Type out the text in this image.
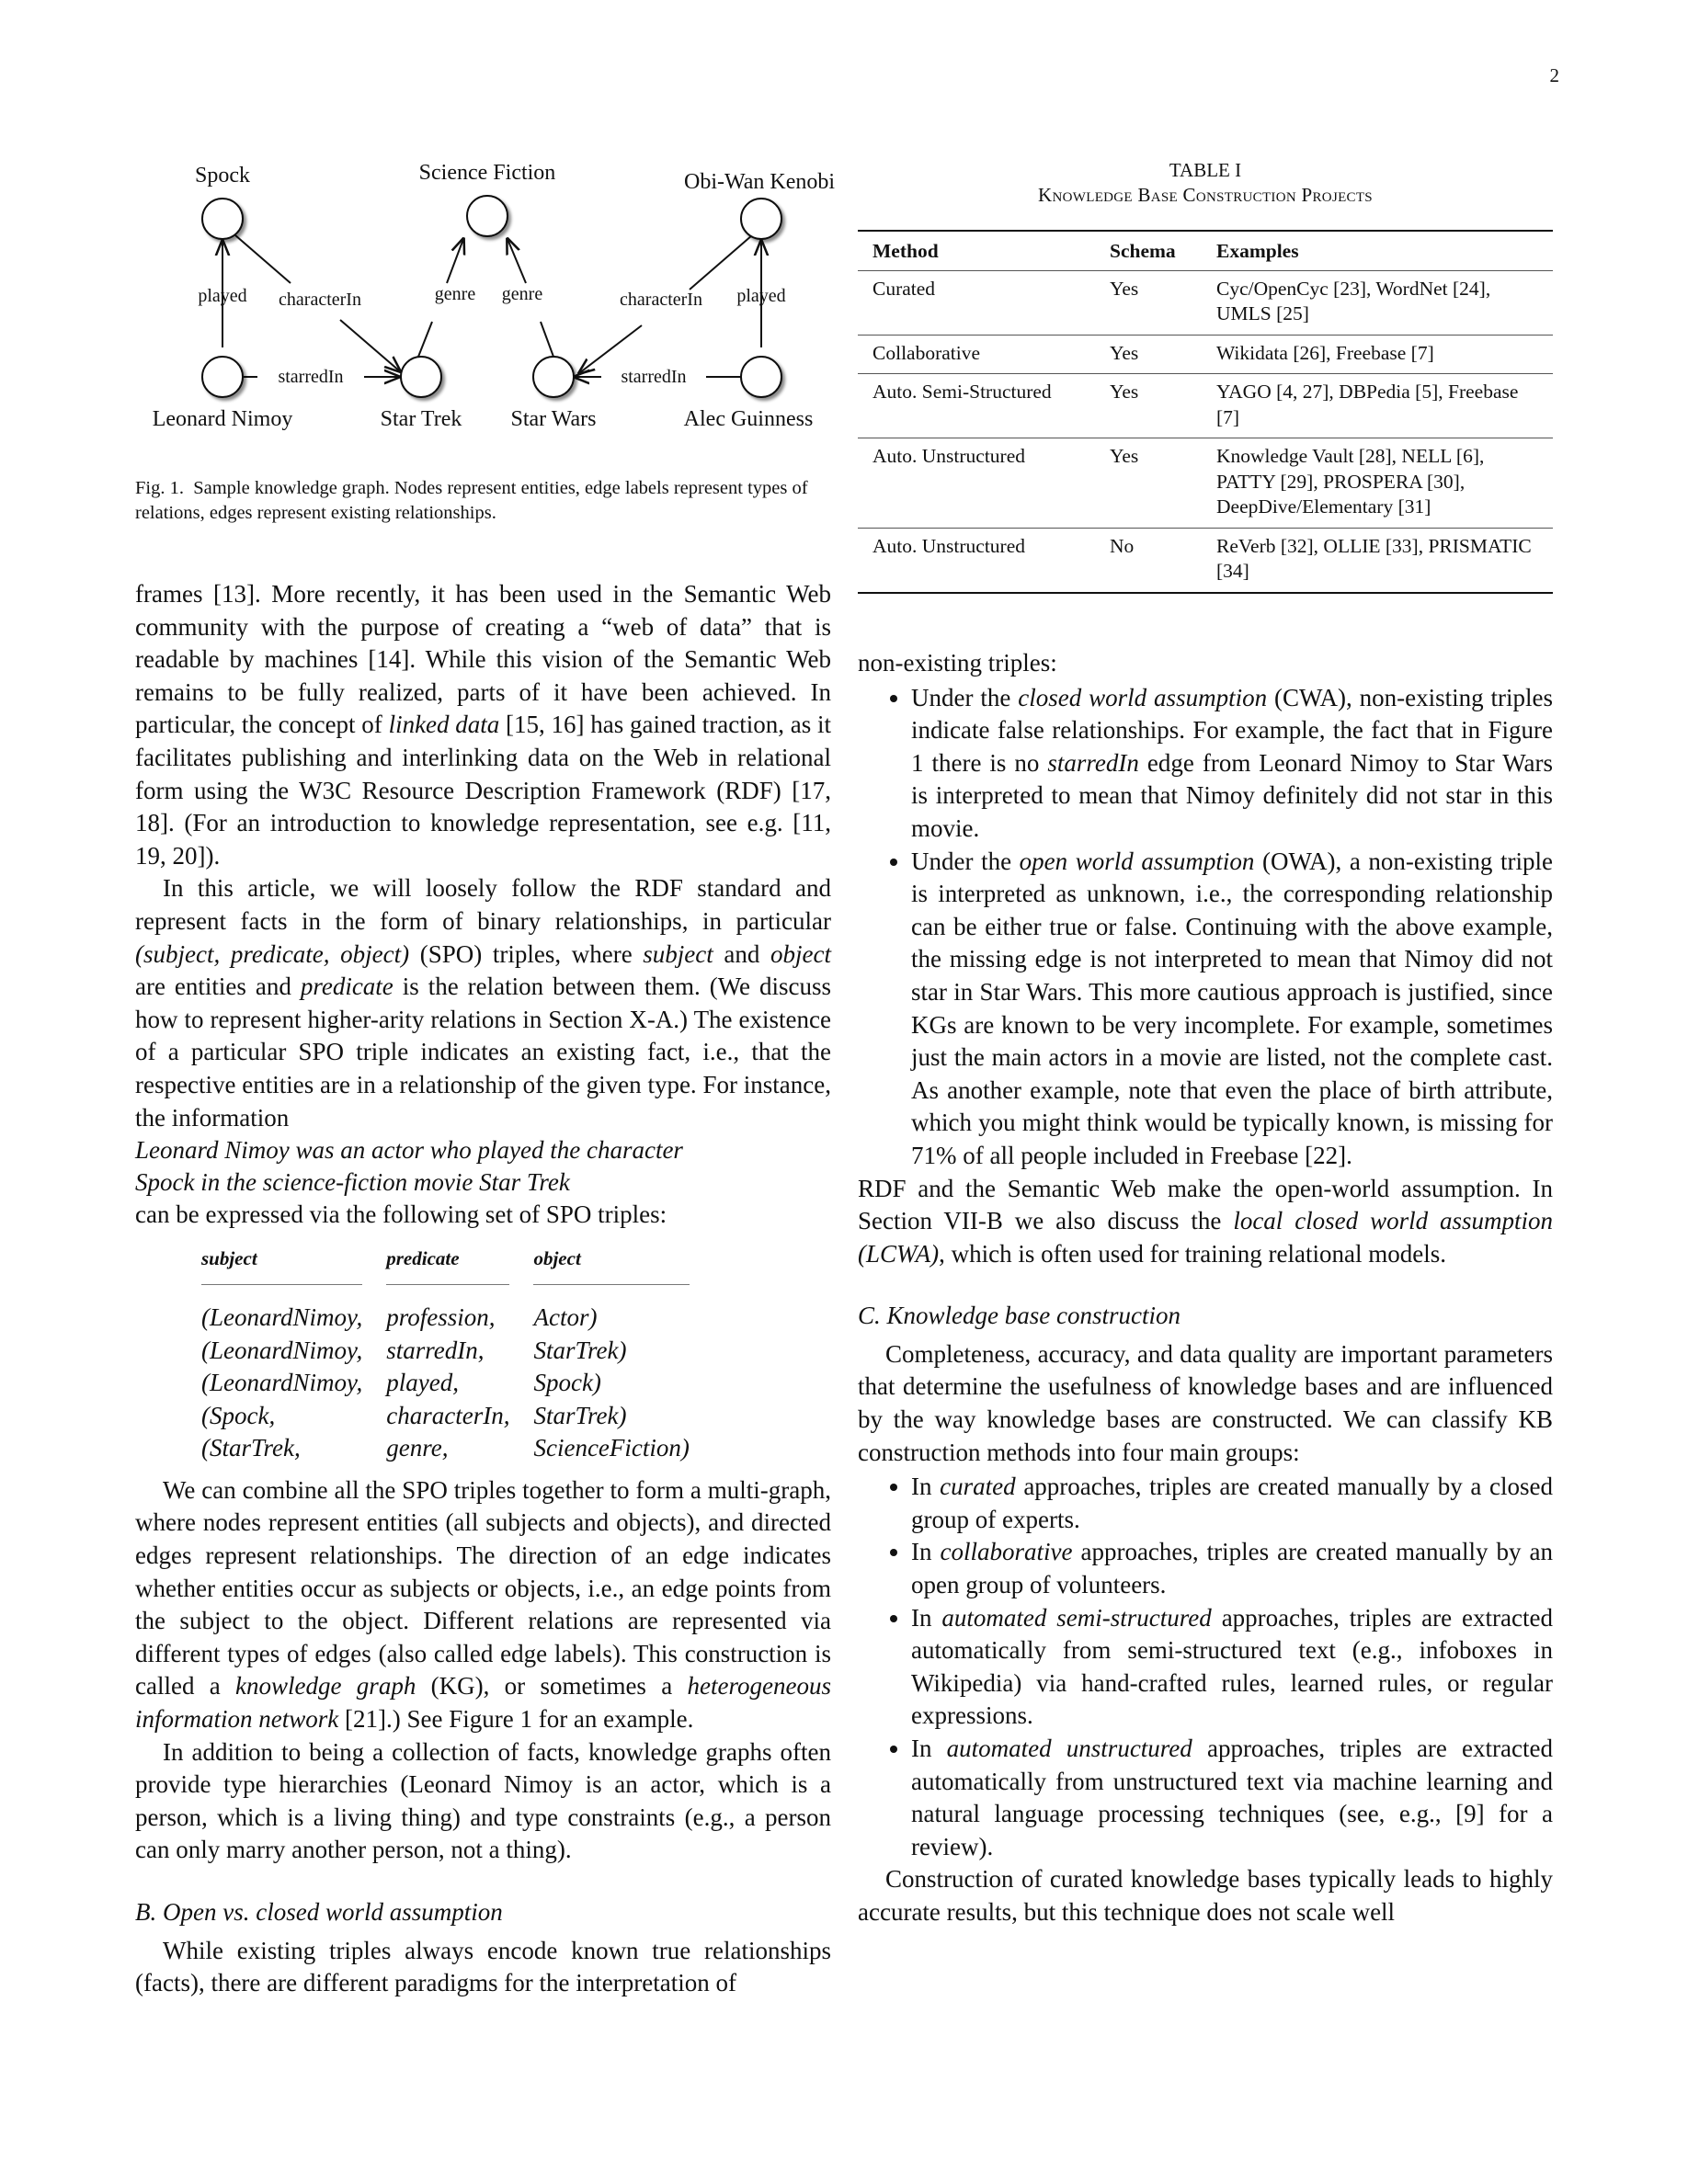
2
Spock	Science Fiction	Obi-Wan Kenobi
Leonard Nimoy	Star Trek Star Wars	Alec Guinness
played characterIn	genre genre	characterIn played
starredIn	starredIn
Fig. 1. Sample knowledge graph. Nodes represent entities, edge labels represent types of relations, edges represent existing relationships.

frames [13]. More recently, it has been used in the Semantic Web community with the purpose of creating a “web of data” that is readable by machines [14]. While this vision of the Semantic Web remains to be fully realized, parts of it have been achieved. In particular, the concept of linked data [15, 16] has gained traction, as it facilitates publishing and interlinking data on the Web in relational form using the W3C Resource Description Framework (RDF) [17, 18]. (For an introduction to knowledge representation, see e.g. [11, 19, 20]).

In this article, we will loosely follow the RDF standard and represent facts in the form of binary relationships, in particular (subject, predicate, object) (SPO) triples, where subject and object are entities and predicate is the relation between them. (We discuss how to represent higher-arity relations in Section X-A.) The existence of a particular SPO triple indicates an existing fact, i.e., that the respective entities are in a relationship of the given type. For instance, the information

Leonard Nimoy was an actor who played the character Spock in the science-fiction movie Star Trek

can be expressed via the following set of SPO triples:

subject	predicate	object

(LeonardNimoy,	profession,	Actor)
(LeonardNimoy,	starredIn,	StarTrek)
(LeonardNimoy,	played,	Spock)
(Spock,	characterIn,	StarTrek)
(StarTrek,	genre,	ScienceFiction)

We can combine all the SPO triples together to form a multi-graph, where nodes represent entities (all subjects and objects), and directed edges represent relationships. The direction of an edge indicates whether entities occur as subjects or objects, i.e., an edge points from the subject to the object. Different relations are represented via different types of edges (also called edge labels). This construction is called a knowledge graph (KG), or sometimes a heterogeneous information network [21].) See Figure 1 for an example.

In addition to being a collection of facts, knowledge graphs often provide type hierarchies (Leonard Nimoy is an actor, which is a person, which is a living thing) and type constraints (e.g., a person can only marry another person, not a thing).

B. Open vs. closed world assumption

While existing triples always encode known true relationships (facts), there are different paradigms for the interpretation of

TABLE I
Knowledge Base Construction Projects
Method	Schema	Examples
Curated	Yes	Cyc/OpenCyc [23], WordNet [24], UMLS [25]
Collaborative	Yes	Wikidata [26], Freebase [7]
Auto. Semi-Structured	Yes	YAGO [4, 27], DBPedia [5], Freebase [7]
Auto. Unstructured	Yes	Knowledge Vault [28], NELL [6], PATTY [29], PROSPERA [30], DeepDive/Elementary [31]
Auto. Unstructured	No	ReVerb [32], OLLIE [33], PRISMATIC [34]

non-existing triples:

• Under the closed world assumption (CWA), non-existing triples indicate false relationships. For example, the fact that in Figure 1 there is no starredIn edge from Leonard Nimoy to Star Wars is interpreted to mean that Nimoy definitely did not star in this movie.
• Under the open world assumption (OWA), a non-existing triple is interpreted as unknown, i.e., the corresponding relationship can be either true or false. Continuing with the above example, the missing edge is not interpreted to mean that Nimoy did not star in Star Wars. This more cautious approach is justified, since KGs are known to be very incomplete. For example, sometimes just the main actors in a movie are listed, not the complete cast. As another example, note that even the place of birth attribute, which you might think would be typically known, is missing for 71% of all people included in Freebase [22].

RDF and the Semantic Web make the open-world assumption. In Section VII-B we also discuss the local closed world assumption (LCWA), which is often used for training relational models.

C. Knowledge base construction

Completeness, accuracy, and data quality are important parameters that determine the usefulness of knowledge bases and are influenced by the way knowledge bases are constructed. We can classify KB construction methods into four main groups:

• In curated approaches, triples are created manually by a closed group of experts.
• In collaborative approaches, triples are created manually by an open group of volunteers.
• In automated semi-structured approaches, triples are extracted automatically from semi-structured text (e.g., infoboxes in Wikipedia) via hand-crafted rules, learned rules, or regular expressions.
• In automated unstructured approaches, triples are extracted automatically from unstructured text via machine learning and natural language processing techniques (see, e.g., [9] for a review).

Construction of curated knowledge bases typically leads to highly accurate results, but this technique does not scale well
